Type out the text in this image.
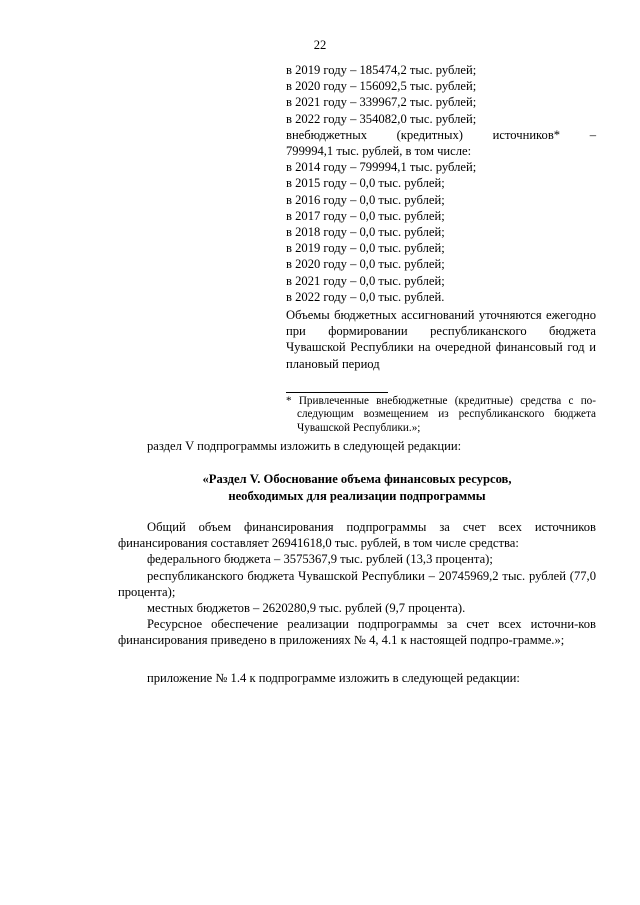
22
в 2019 году – 185474,2 тыс. рублей;
в 2020 году – 156092,5 тыс. рублей;
в 2021 году – 339967,2 тыс. рублей;
в 2022 году – 354082,0 тыс. рублей;
внебюджетных (кредитных) источников* –
799994,1 тыс. рублей, в том числе:
в 2014 году – 799994,1 тыс. рублей;
в 2015 году – 0,0 тыс. рублей;
в 2016 году – 0,0 тыс. рублей;
в 2017 году – 0,0 тыс. рублей;
в 2018 году – 0,0 тыс. рублей;
в 2019 году – 0,0 тыс. рублей;
в 2020 году – 0,0 тыс. рублей;
в 2021 году – 0,0 тыс. рублей;
в 2022 году – 0,0 тыс. рублей.
Объемы бюджетных ассигнований уточняются ежегодно при формировании республиканского бюджета Чувашской Республики на очередной финансовый год и плановый период
* Привлеченные внебюджетные (кредитные) средства с по-следующим возмещением из республиканского бюджета Чувашской Республики.»;
раздел V подпрограммы изложить в следующей редакции:
«Раздел V. Обоснование объема финансовых ресурсов,
необходимых для реализации подпрограммы

Общий объем финансирования подпрограммы за счет всех источников финансирования составляет 26941618,0 тыс. рублей, в том числе средства:

федерального бюджета – 3575367,9 тыс. рублей (13,3 процента);

республиканского бюджета Чувашской Республики – 20745969,2 тыс. рублей (77,0 процента);

местных бюджетов – 2620280,9 тыс. рублей (9,7 процента).

Ресурсное обеспечение реализации подпрограммы за счет всех источни-ков финансирования приведено в приложениях № 4, 4.1 к настоящей подпро-грамме.»;

приложение № 1.4 к подпрограмме изложить в следующей редакции:
